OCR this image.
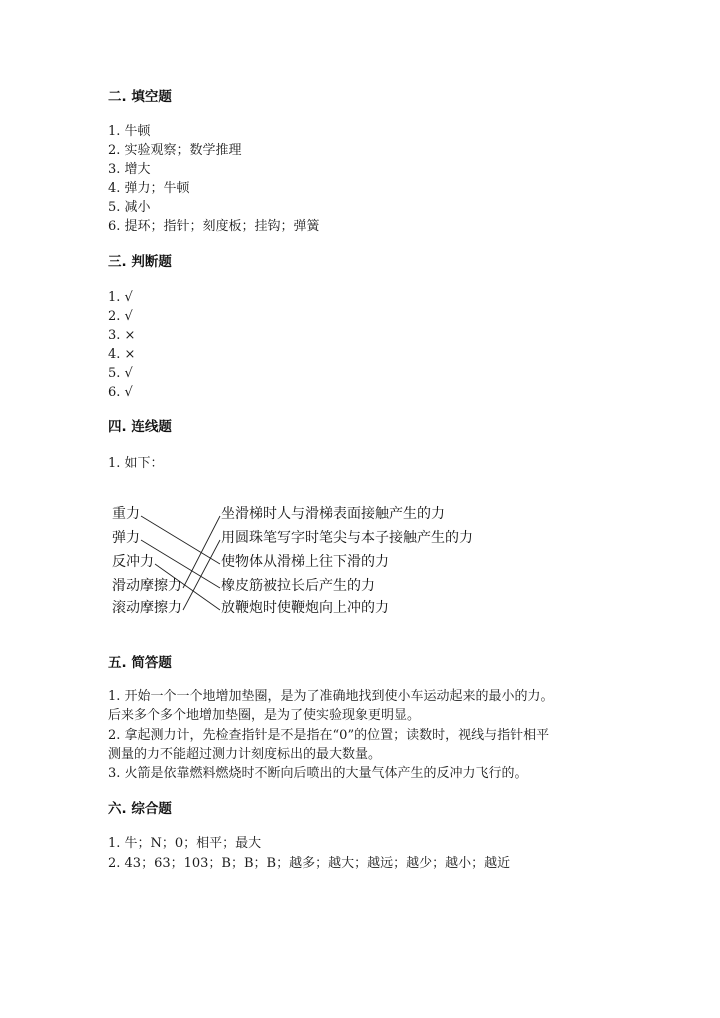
二. 填空题

1. 牛顿

2. 实验观察；数学推理

3. 增大

4. 弹力；牛顿

5. 减小

6. 提环；指针；刻度板；挂钩；弹簧

三. 判断题

1. √

2. √

3. ×

4. ×

5. √

6. √

四. 连线题

1. 如下：

重力
弹力
反冲力
滑动摩擦力
滚动摩擦力
坐滑梯时人与滑梯表面接触产生的力
用圆珠笔写字时笔尖与本子接触产生的力
使物体从滑梯上往下滑的力
橡皮筋被拉长后产生的力
放鞭炮时使鞭炮向上冲的力
五. 简答题

1. 开始一个一个地增加垫圈，是为了准确地找到使小车运动起来的最小的力。

后来多个多个地增加垫圈，是为了使实验现象更明显。

2. 拿起测力计，先检查指针是不是指在“0”的位置；读数时，视线与指针相平

测量的力不能超过测力计刻度标出的最大数量。

3. 火箭是依靠燃料燃烧时不断向后喷出的大量气体产生的反冲力飞行的。

六. 综合题

1. 牛；N；0；相平；最大

2. 43；63；103；B；B；B；越多；越大；越远；越少；越小；越近
